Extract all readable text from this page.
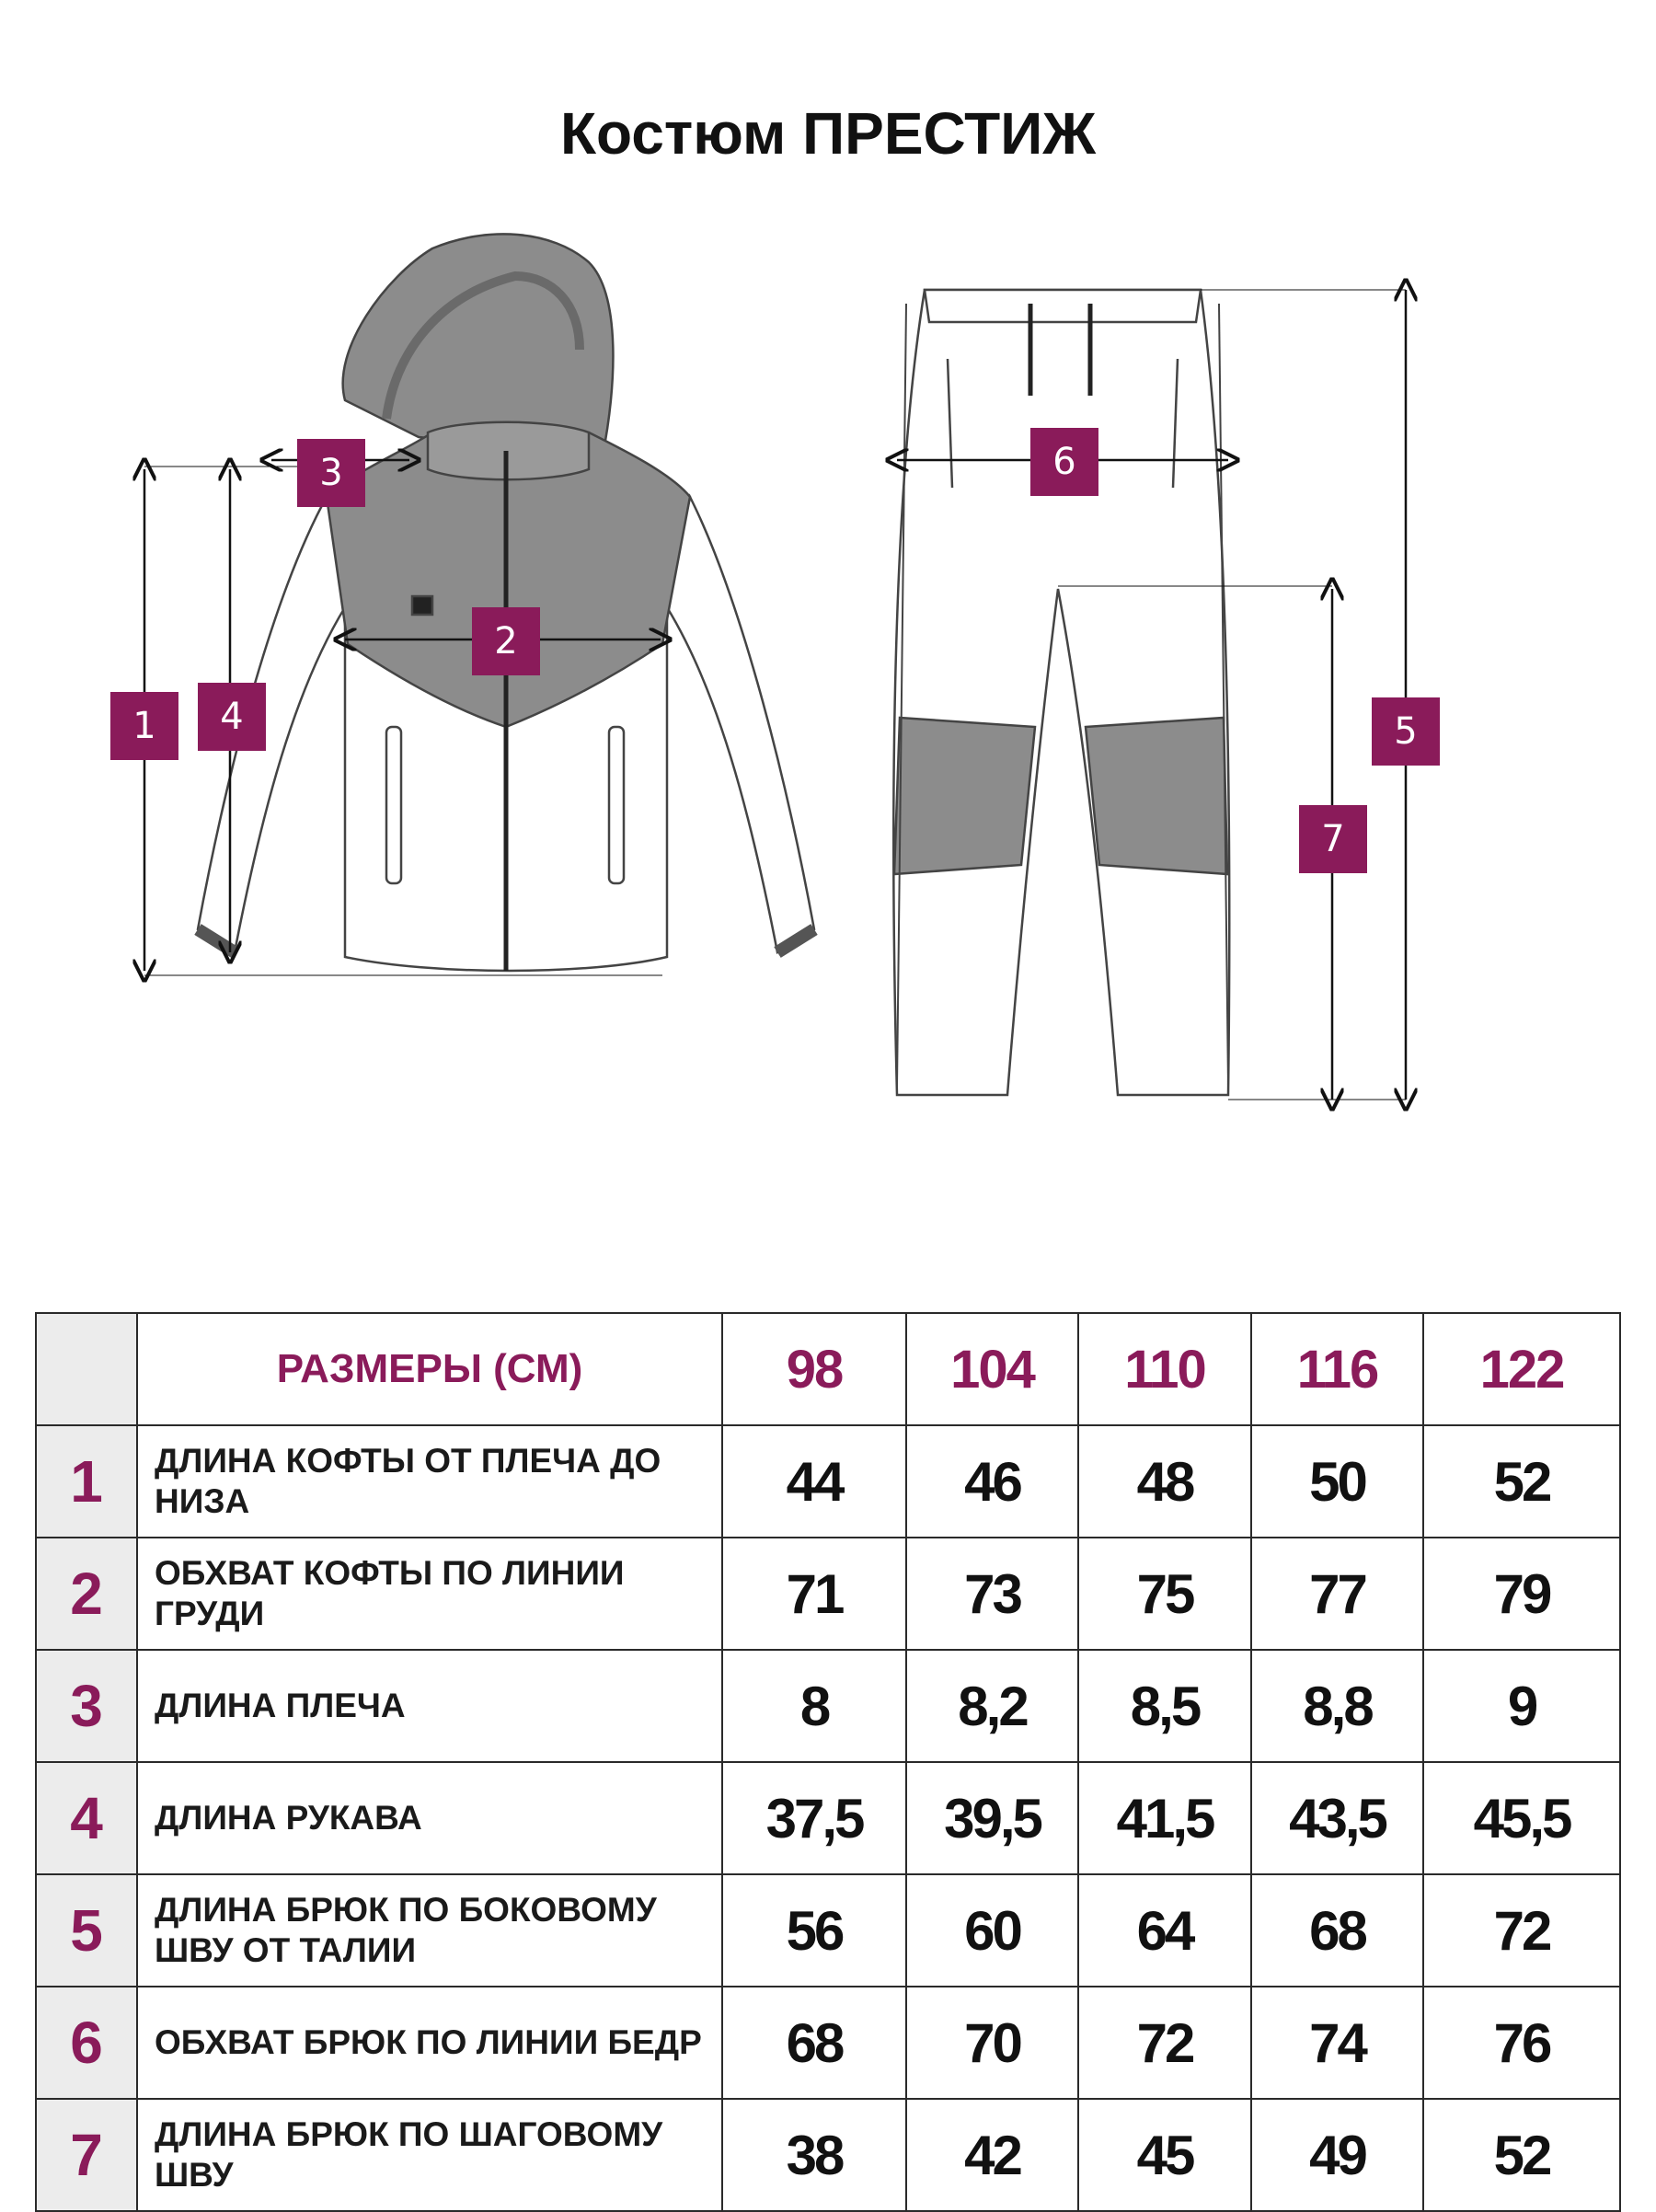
Костюм ПРЕСТИЖ
1	4
3
2
6
5
7
	РАЗМЕРЫ (СМ)	98	104	110	116	122
1	ДЛИНА КОФТЫ ОТ ПЛЕЧА ДО НИЗА	44	46	48	50	52
2	ОБХВАТ КОФТЫ ПО ЛИНИИ ГРУДИ	71	73	75	77	79
3	ДЛИНА ПЛЕЧА	8	8,2	8,5	8,8	9
4	ДЛИНА РУКАВА	37,5	39,5	41,5	43,5	45,5
5	ДЛИНА БРЮК ПО БОКОВОМУ ШВУ ОТ ТАЛИИ	56	60	64	68	72
6	ОБХВАТ БРЮК ПО ЛИНИИ БЕДР	68	70	72	74	76
7	ДЛИНА БРЮК ПО ШАГОВОМУ ШВУ	38	42	45	49	52
